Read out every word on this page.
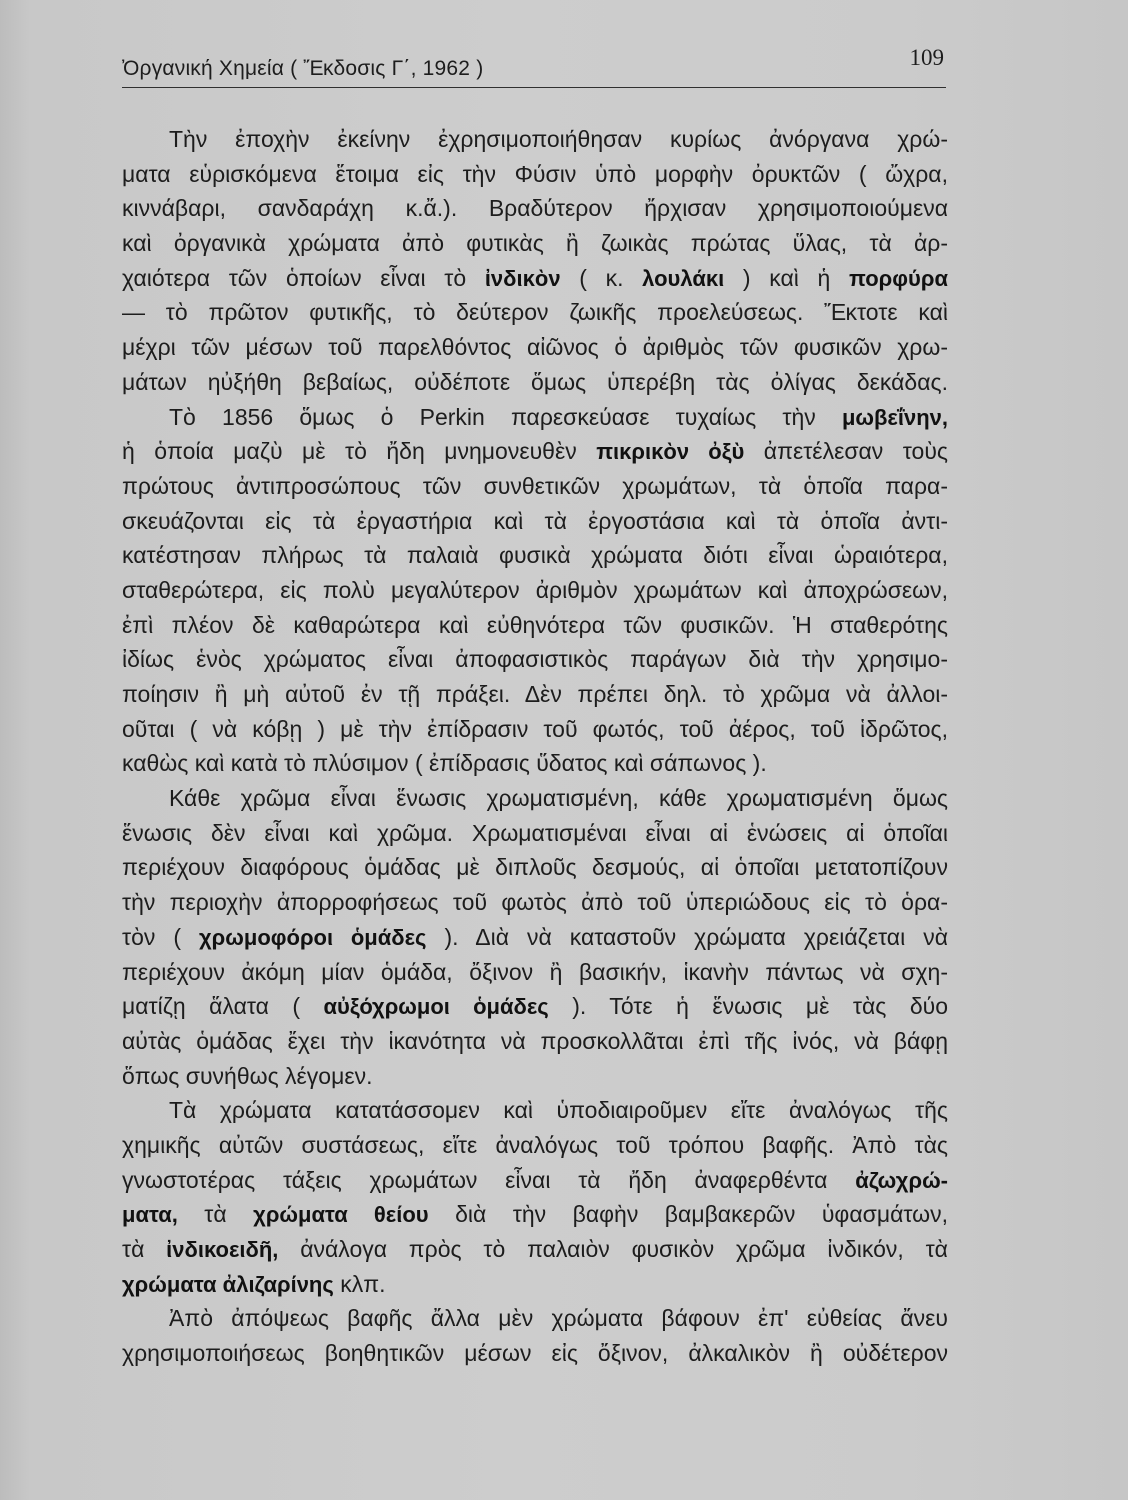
Ὀργανική Χημεία ( Ἔκδοσις Γ΄, 1962 )	109
Τὴν ἐποχὴν ἐκείνην ἐχρησιμοποιήθησαν κυρίως ἀνόργανα χρώ-
ματα εὑρισκόμενα ἕτοιμα εἰς τὴν Φύσιν ὑπὸ μορφὴν ὀρυκτῶν ( ὤχρα,
κιννάβαρι, σανδαράχη κ.ἄ.). Βραδύτερον ἤρχισαν χρησιμοποιούμενα
καὶ ὀργανικὰ χρώματα ἀπὸ φυτικὰς ἢ ζωικὰς πρώτας ὕλας, τὰ ἀρ-
χαιότερα τῶν ὁποίων εἶναι τὸ ἰνδικὸν ( κ. λουλάκι ) καὶ ἡ πορφύρα
— τὸ πρῶτον φυτικῆς, τὸ δεύτερον ζωικῆς προελεύσεως. Ἔκτοτε καὶ
μέχρι τῶν μέσων τοῦ παρελθόντος αἰῶνος ὁ ἀριθμὸς τῶν φυσικῶν χρω-
μάτων ηὐξήθη βεβαίως, οὐδέποτε ὅμως ὑπερέβη τὰς ὀλίγας δεκάδας.
Τὸ 1856 ὅμως ὁ Perkin παρεσκεύασε τυχαίως τὴν μωβεΐνην,
ἡ ὁποία μαζὺ μὲ τὸ ἤδη μνημονευθὲν πικρικὸν ὀξὺ ἀπετέλεσαν τοὺς
πρώτους ἀντιπροσώπους τῶν συνθετικῶν χρωμάτων, τὰ ὁποῖα παρα-
σκευάζονται εἰς τὰ ἐργαστήρια καὶ τὰ ἐργοστάσια καὶ τὰ ὁποῖα ἀντι-
κατέστησαν πλήρως τὰ παλαιὰ φυσικὰ χρώματα διότι εἶναι ὡραιότερα,
σταθερώτερα, εἰς πολὺ μεγαλύτερον ἀριθμὸν χρωμάτων καὶ ἀποχρώσεων,
ἐπὶ πλέον δὲ καθαρώτερα καὶ εὐθηνότερα τῶν φυσικῶν. Ἡ σταθερότης
ἰδίως ἑνὸς χρώματος εἶναι ἀποφασιστικὸς παράγων διὰ τὴν χρησιμο-
ποίησιν ἢ μὴ αὐτοῦ ἐν τῇ πράξει. Δὲν πρέπει δηλ. τὸ χρῶμα νὰ ἀλλοι-
οῦται ( νὰ κόβῃ ) μὲ τὴν ἐπίδρασιν τοῦ φωτός, τοῦ ἀέρος, τοῦ ἱδρῶτος,
καθὼς καὶ κατὰ τὸ πλύσιμον ( ἐπίδρασις ὕδατος καὶ σάπωνος ).
Κάθε χρῶμα εἶναι ἕνωσις χρωματισμένη, κάθε χρωματισμένη ὅμως
ἕνωσις δὲν εἶναι καὶ χρῶμα. Χρωματισμέναι εἶναι αἱ ἑνώσεις αἱ ὁποῖαι
περιέχουν διαφόρους ὁμάδας μὲ διπλοῦς δεσμούς, αἱ ὁποῖαι μετατοπίζουν
τὴν περιοχὴν ἀπορροφήσεως τοῦ φωτὸς ἀπὸ τοῦ ὑπεριώδους εἰς τὸ ὁρα-
τὸν ( χρωμοφόροι ὁμάδες ). Διὰ νὰ καταστοῦν χρώματα χρειάζεται νὰ
περιέχουν ἀκόμη μίαν ὁμάδα, ὄξινον ἢ βασικήν, ἱκανὴν πάντως νὰ σχη-
ματίζῃ ἅλατα ( αὐξόχρωμοι ὁμάδες ). Τότε ἡ ἕνωσις μὲ τὰς δύο
αὐτὰς ὁμάδας ἔχει τὴν ἱκανότητα νὰ προσκολλᾶται ἐπὶ τῆς ἰνός, νὰ βάφῃ
ὅπως συνήθως λέγομεν.
Τὰ χρώματα κατατάσσομεν καὶ ὑποδιαιροῦμεν εἴτε ἀναλόγως τῆς
χημικῆς αὐτῶν συστάσεως, εἴτε ἀναλόγως τοῦ τρόπου βαφῆς. Ἀπὸ τὰς
γνωστοτέρας τάξεις χρωμάτων εἶναι τὰ ἤδη ἀναφερθέντα ἀζωχρώ-
ματα, τὰ χρώματα θείου διὰ τὴν βαφὴν βαμβακερῶν ὑφασμάτων,
τὰ ἰνδικοειδῆ, ἀνάλογα πρὸς τὸ παλαιὸν φυσικὸν χρῶμα ἰνδικόν, τὰ
χρώματα ἀλιζαρίνης κλπ.
Ἀπὸ ἀπόψεως βαφῆς ἄλλα μὲν χρώματα βάφουν ἐπ' εὐθείας ἄνευ
χρησιμοποιήσεως βοηθητικῶν μέσων εἰς ὄξινον, ἀλκαλικὸν ἢ οὐδέτερον
